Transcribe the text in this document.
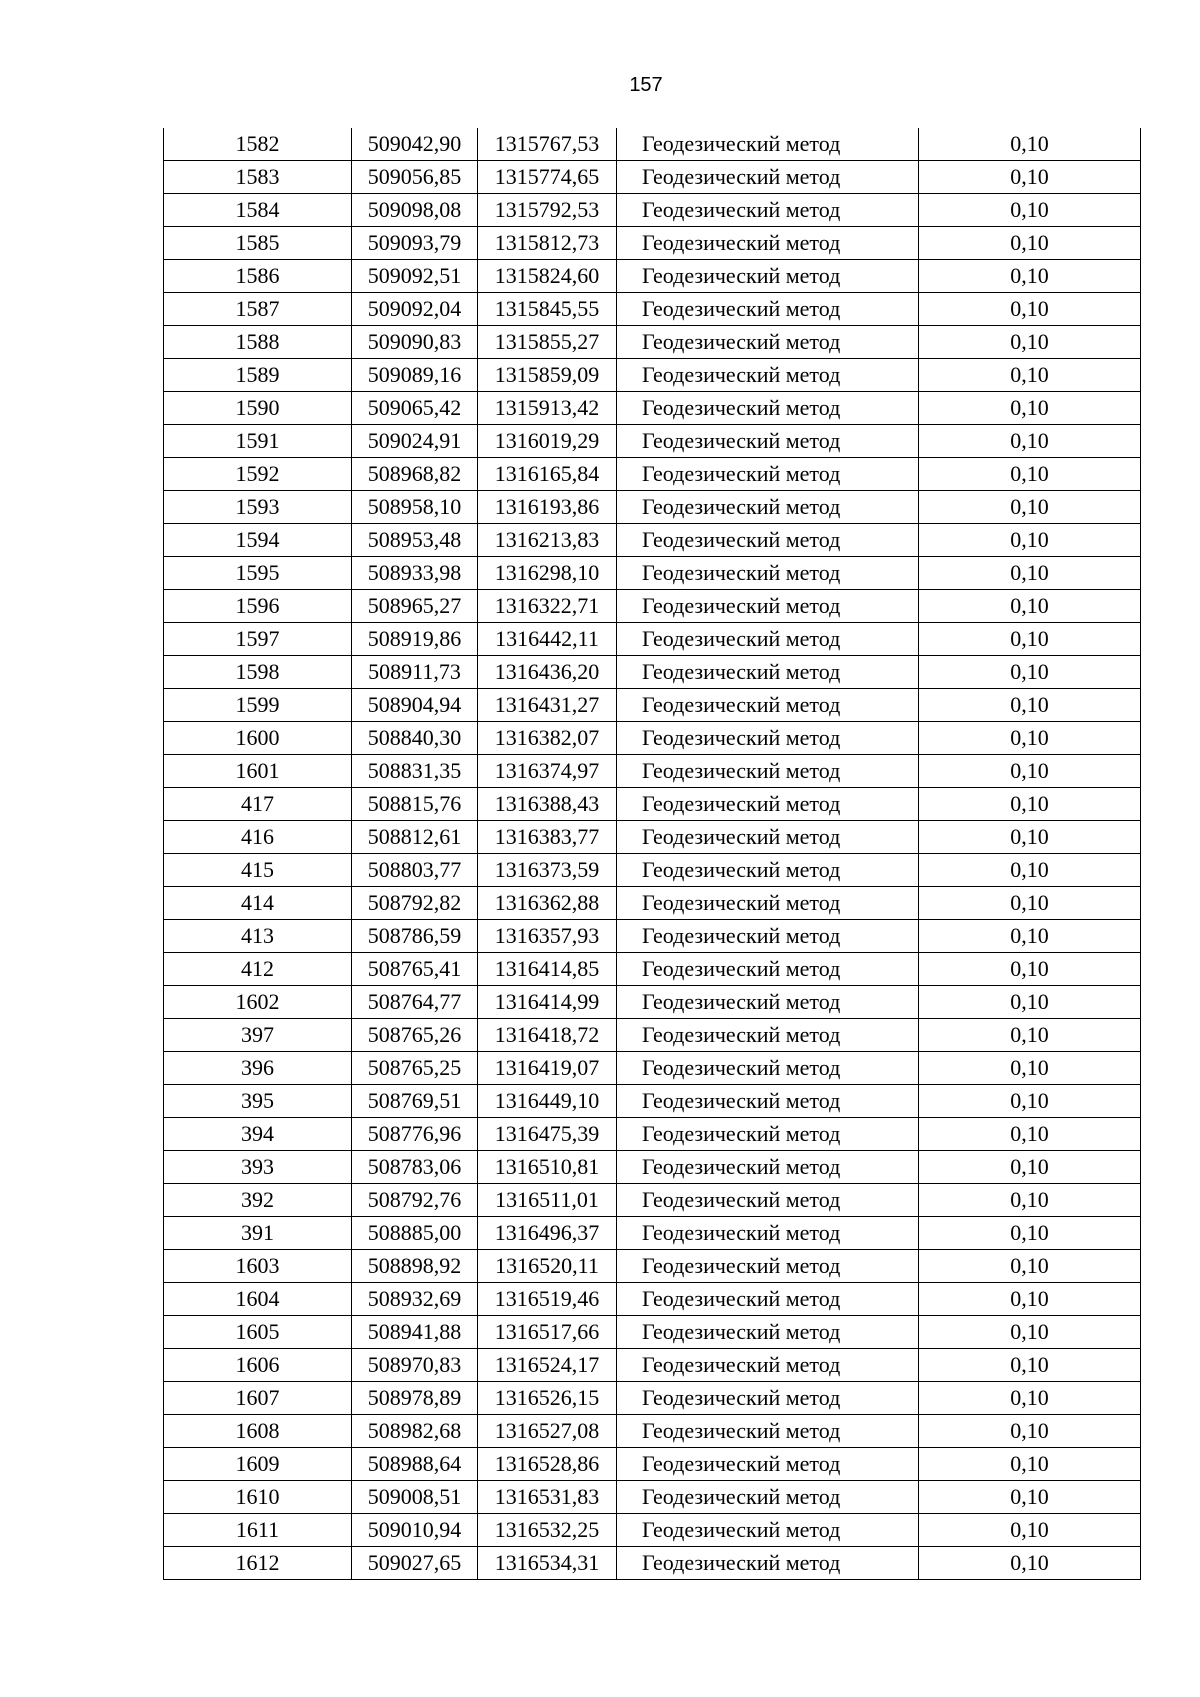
157
1582	509042,90	1315767,53	Геодезический метод	0,10
1583	509056,85	1315774,65	Геодезический метод	0,10
1584	509098,08	1315792,53	Геодезический метод	0,10
1585	509093,79	1315812,73	Геодезический метод	0,10
1586	509092,51	1315824,60	Геодезический метод	0,10
1587	509092,04	1315845,55	Геодезический метод	0,10
1588	509090,83	1315855,27	Геодезический метод	0,10
1589	509089,16	1315859,09	Геодезический метод	0,10
1590	509065,42	1315913,42	Геодезический метод	0,10
1591	509024,91	1316019,29	Геодезический метод	0,10
1592	508968,82	1316165,84	Геодезический метод	0,10
1593	508958,10	1316193,86	Геодезический метод	0,10
1594	508953,48	1316213,83	Геодезический метод	0,10
1595	508933,98	1316298,10	Геодезический метод	0,10
1596	508965,27	1316322,71	Геодезический метод	0,10
1597	508919,86	1316442,11	Геодезический метод	0,10
1598	508911,73	1316436,20	Геодезический метод	0,10
1599	508904,94	1316431,27	Геодезический метод	0,10
1600	508840,30	1316382,07	Геодезический метод	0,10
1601	508831,35	1316374,97	Геодезический метод	0,10
417	508815,76	1316388,43	Геодезический метод	0,10
416	508812,61	1316383,77	Геодезический метод	0,10
415	508803,77	1316373,59	Геодезический метод	0,10
414	508792,82	1316362,88	Геодезический метод	0,10
413	508786,59	1316357,93	Геодезический метод	0,10
412	508765,41	1316414,85	Геодезический метод	0,10
1602	508764,77	1316414,99	Геодезический метод	0,10
397	508765,26	1316418,72	Геодезический метод	0,10
396	508765,25	1316419,07	Геодезический метод	0,10
395	508769,51	1316449,10	Геодезический метод	0,10
394	508776,96	1316475,39	Геодезический метод	0,10
393	508783,06	1316510,81	Геодезический метод	0,10
392	508792,76	1316511,01	Геодезический метод	0,10
391	508885,00	1316496,37	Геодезический метод	0,10
1603	508898,92	1316520,11	Геодезический метод	0,10
1604	508932,69	1316519,46	Геодезический метод	0,10
1605	508941,88	1316517,66	Геодезический метод	0,10
1606	508970,83	1316524,17	Геодезический метод	0,10
1607	508978,89	1316526,15	Геодезический метод	0,10
1608	508982,68	1316527,08	Геодезический метод	0,10
1609	508988,64	1316528,86	Геодезический метод	0,10
1610	509008,51	1316531,83	Геодезический метод	0,10
1611	509010,94	1316532,25	Геодезический метод	0,10
1612	509027,65	1316534,31	Геодезический метод	0,10
